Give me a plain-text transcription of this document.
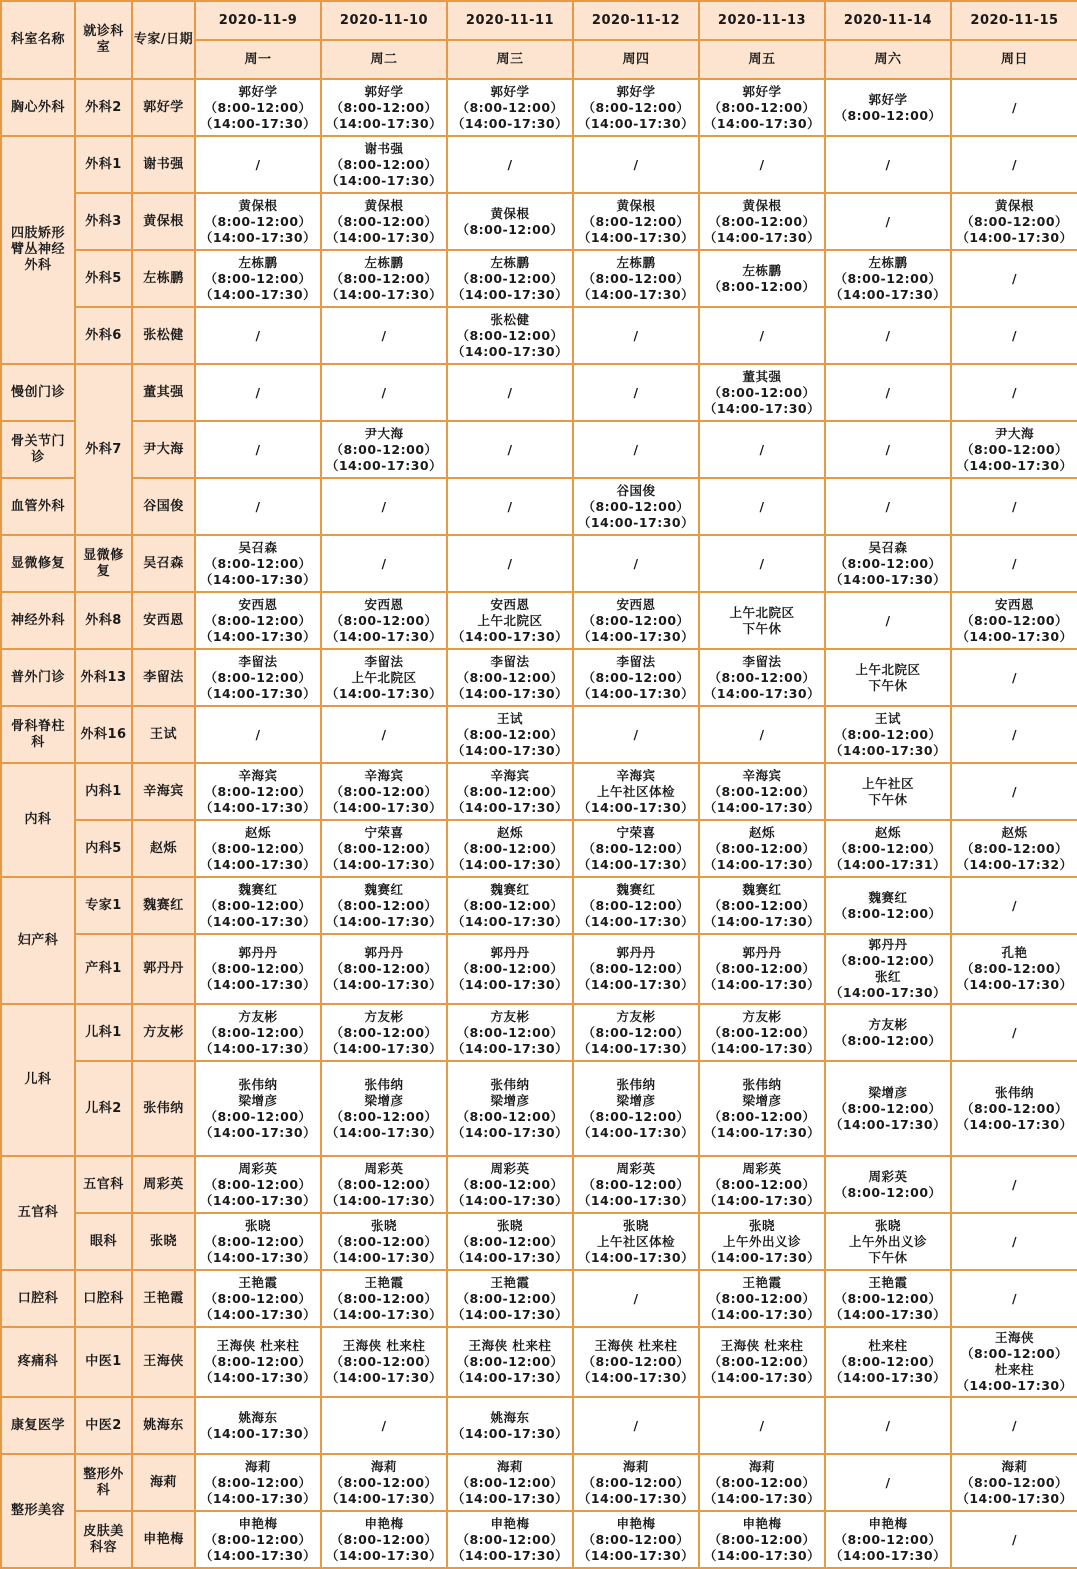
科室名称	就诊科室	专家/日期	2020-11-9	2020-11-10	2020-11-11	2020-11-12	2020-11-13	2020-11-14	2020-11-15
			周一	周二	周三	周四	周五	周六	周日

胸心外科	外科2	郭好学	郭好学
（8:00-12:00）
（14:00-17:30）	郭好学
（8:00-12:00）
（14:00-17:30）	郭好学
（8:00-12:00）
（14:00-17:30）	郭好学
（8:00-12:00）
（14:00-17:30）	郭好学
（8:00-12:00）
（14:00-17:30）	郭好学
（8:00-12:00）	/

四肢矫形臂丛神经外科	外科1	谢书强	/	谢书强
（8:00-12:00）
（14:00-17:30）	/	/	/	/	/

	外科3	黄保根	黄保根
（8:00-12:00）
（14:00-17:30）	黄保根
（8:00-12:00）
（14:00-17:30）	黄保根
（8:00-12:00）	黄保根
（8:00-12:00）
（14:00-17:30）	黄保根
（8:00-12:00）
（14:00-17:30）	/	黄保根
（8:00-12:00）
（14:00-17:30）

	外科5	左栋鹏	左栋鹏
（8:00-12:00）
（14:00-17:30）	左栋鹏
（8:00-12:00）
（14:00-17:30）	左栋鹏
（8:00-12:00）
（14:00-17:30）	左栋鹏
（8:00-12:00）
（14:00-17:30）	左栋鹏
（8:00-12:00）	左栋鹏
（8:00-12:00）
（14:00-17:30）	/

	外科6	张松健	/	/	张松健
（8:00-12:00）
（14:00-17:30）	/	/	/	/

慢创门诊	外科7	董其强	/	/	/	/	董其强
（8:00-12:00）
（14:00-17:30）	/	/

骨关节门诊		尹大海	/	尹大海
（8:00-12:00）
（14:00-17:30）	/	/	/	/	尹大海
（8:00-12:00）
（14:00-17:30）

血管外科		谷国俊	/	/	/	谷国俊
（8:00-12:00）
（14:00-17:30）	/	/	/

显微修复	显微修复	吴召森	吴召森
（8:00-12:00）
（14:00-17:30）	/	/	/	/	吴召森
（8:00-12:00）
（14:00-17:30）	/

神经外科	外科8	安西恩	安西恩
（8:00-12:00）
（14:00-17:30）	安西恩
（8:00-12:00）
（14:00-17:30）	安西恩
上午北院区
（14:00-17:30）	安西恩
（8:00-12:00）
（14:00-17:30）	上午北院区
下午休	/	安西恩
（8:00-12:00）
（14:00-17:30）

普外门诊	外科13	李留法	李留法
（8:00-12:00）
（14:00-17:30）	李留法
上午北院区
（14:00-17:30）	李留法
（8:00-12:00）
（14:00-17:30）	李留法
（8:00-12:00）
（14:00-17:30）	李留法
（8:00-12:00）
（14:00-17:30）	上午北院区
下午休	/

骨科脊柱科	外科16	王试	/	/	王试
（8:00-12:00）
（14:00-17:30）	/	/	王试
（8:00-12:00）
（14:00-17:30）	/

内科	内科1	辛海宾	辛海宾
（8:00-12:00）
（14:00-17:30）	辛海宾
（8:00-12:00）
（14:00-17:30）	辛海宾
（8:00-12:00）
（14:00-17:30）	辛海宾
上午社区体检
（14:00-17:30）	辛海宾
（8:00-12:00）
（14:00-17:30）	上午社区
下午休	/

	内科5	赵烁	赵烁
（8:00-12:00）
（14:00-17:30）	宁荣喜
（8:00-12:00）
（14:00-17:30）	赵烁
（8:00-12:00）
（14:00-17:30）	宁荣喜
（8:00-12:00）
（14:00-17:30）	赵烁
（8:00-12:00）
（14:00-17:30）	赵烁
（8:00-12:00）
（14:00-17:31）	赵烁
（8:00-12:00）
（14:00-17:32）

妇产科	专家1	魏赛红	魏赛红
（8:00-12:00）
（14:00-17:30）	魏赛红
（8:00-12:00）
（14:00-17:30）	魏赛红
（8:00-12:00）
（14:00-17:30）	魏赛红
（8:00-12:00）
（14:00-17:30）	魏赛红
（8:00-12:00）
（14:00-17:30）	魏赛红
（8:00-12:00）	/

	产科1	郭丹丹	郭丹丹
（8:00-12:00）
（14:00-17:30）	郭丹丹
（8:00-12:00）
（14:00-17:30）	郭丹丹
（8:00-12:00）
（14:00-17:30）	郭丹丹
（8:00-12:00）
（14:00-17:30）	郭丹丹
（8:00-12:00）
（14:00-17:30）	郭丹丹
（8:00-12:00）
张红
（14:00-17:30）	孔艳
（8:00-12:00）
（14:00-17:30）

儿科	儿科1	方友彬	方友彬
（8:00-12:00）
（14:00-17:30）	方友彬
（8:00-12:00）
（14:00-17:30）	方友彬
（8:00-12:00）
（14:00-17:30）	方友彬
（8:00-12:00）
（14:00-17:30）	方友彬
（8:00-12:00）
（14:00-17:30）	方友彬
（8:00-12:00）	/

	儿科2	张伟纳	张伟纳
梁增彦
（8:00-12:00）
（14:00-17:30）	张伟纳
梁增彦
（8:00-12:00）
（14:00-17:30）	张伟纳
梁增彦
（8:00-12:00）
（14:00-17:30）	张伟纳
梁增彦
（8:00-12:00）
（14:00-17:30）	张伟纳
梁增彦
（8:00-12:00）
（14:00-17:30）	梁增彦
（8:00-12:00）
（14:00-17:30）	张伟纳
（8:00-12:00）
（14:00-17:30）

五官科	五官科	周彩英	周彩英
（8:00-12:00）
（14:00-17:30）	周彩英
（8:00-12:00）
（14:00-17:30）	周彩英
（8:00-12:00）
（14:00-17:30）	周彩英
（8:00-12:00）
（14:00-17:30）	周彩英
（8:00-12:00）
（14:00-17:30）	周彩英
（8:00-12:00）	/

	眼科	张晓	张晓
（8:00-12:00）
（14:00-17:30）	张晓
（8:00-12:00）
（14:00-17:30）	张晓
（8:00-12:00）
（14:00-17:30）	张晓
上午社区体检
（14:00-17:30）	张晓
上午外出义诊
（14:00-17:30）	张晓
上午外出义诊
下午休	/

口腔科	口腔科	王艳霞	王艳霞
（8:00-12:00）
（14:00-17:30）	王艳霞
（8:00-12:00）
（14:00-17:30）	王艳霞
（8:00-12:00）
（14:00-17:30）	/	王艳霞
（8:00-12:00）
（14:00-17:30）	王艳霞
（8:00-12:00）
（14:00-17:30）	/

疼痛科	中医1	王海侠	王海侠 杜来柱
（8:00-12:00）
（14:00-17:30）	王海侠 杜来柱
（8:00-12:00）
（14:00-17:30）	王海侠 杜来柱
（8:00-12:00）
（14:00-17:30）	王海侠 杜来柱
（8:00-12:00）
（14:00-17:30）	王海侠 杜来柱
（8:00-12:00）
（14:00-17:30）	杜来柱
（8:00-12:00）
（14:00-17:30）	王海侠
（8:00-12:00）
杜来柱
（14:00-17:30）

康复医学	中医2	姚海东	姚海东
（14:00-17:30）	/	姚海东
（14:00-17:30）	/	/	/	/

整形美容	整形外科	海莉	海莉
（8:00-12:00）
（14:00-17:30）	海莉
（8:00-12:00）
（14:00-17:30）	海莉
（8:00-12:00）
（14:00-17:30）	海莉
（8:00-12:00）
（14:00-17:30）	海莉
（8:00-12:00）
（14:00-17:30）	/	海莉
（8:00-12:00）
（14:00-17:30）

	皮肤美科容	申艳梅	申艳梅
（8:00-12:00）
（14:00-17:30）	申艳梅
（8:00-12:00）
（14:00-17:30）	申艳梅
（8:00-12:00）
（14:00-17:30）	申艳梅
（8:00-12:00）
（14:00-17:30）	申艳梅
（8:00-12:00）
（14:00-17:30）	申艳梅
（8:00-12:00）
（14:00-17:30）	/
